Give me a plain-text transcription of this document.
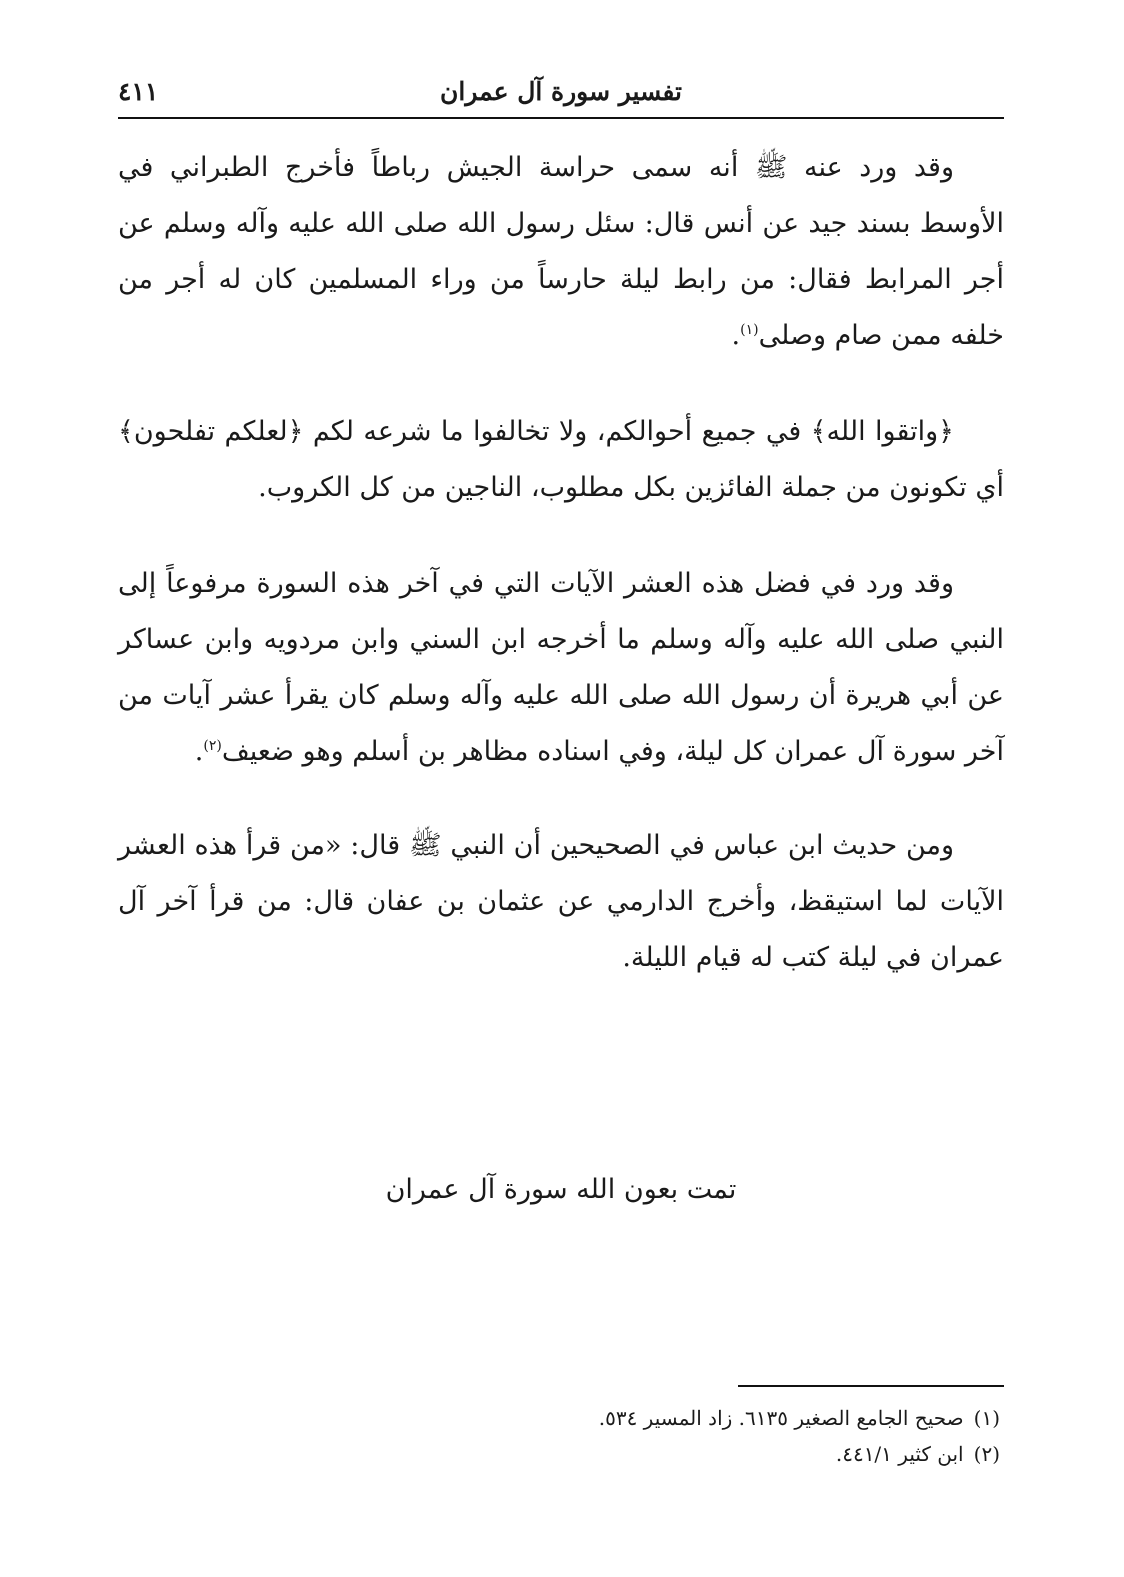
تفسير سورة آل عمران
٤١١

وقد ورد عنه ﷺ أنه سمى حراسة الجيش رباطاً فأخرج الطبراني في الأوسط بسند جيد عن أنس قال: سئل رسول الله صلى الله عليه وآله وسلم عن أجر المرابط فقال: من رابط ليلة حارساً من وراء المسلمين كان له أجر من خلفه ممن صام وصلى$^{(١)}$.

﴿واتقوا الله﴾ في جميع أحوالكم، ولا تخالفوا ما شرعه لكم ﴿لعلكم تفلحون﴾ أي تكونون من جملة الفائزين بكل مطلوب، الناجين من كل الكروب.

وقد ورد في فضل هذه العشر الآيات التي في آخر هذه السورة مرفوعاً إلى النبي صلى الله عليه وآله وسلم ما أخرجه ابن السني وابن مردويه وابن عساكر عن أبي هريرة أن رسول الله صلى الله عليه وآله وسلم كان يقرأ عشر آيات من آخر سورة آل عمران كل ليلة، وفي اسناده مظاهر بن أسلم وهو ضعيف$^{(٢)}$.

ومن حديث ابن عباس في الصحيحين أن النبي ﷺ قال: «من قرأ هذه العشر الآيات لما استيقظ، وأخرج الدارمي عن عثمان بن عفان قال: من قرأ آخر آل عمران في ليلة كتب له قيام الليلة.

تمت بعون الله سورة آل عمران
(١)صحيح الجامع الصغير ٦١٣٥. زاد المسير ٥٣٤.
(٢)ابن كثير ٤٤١/١.
